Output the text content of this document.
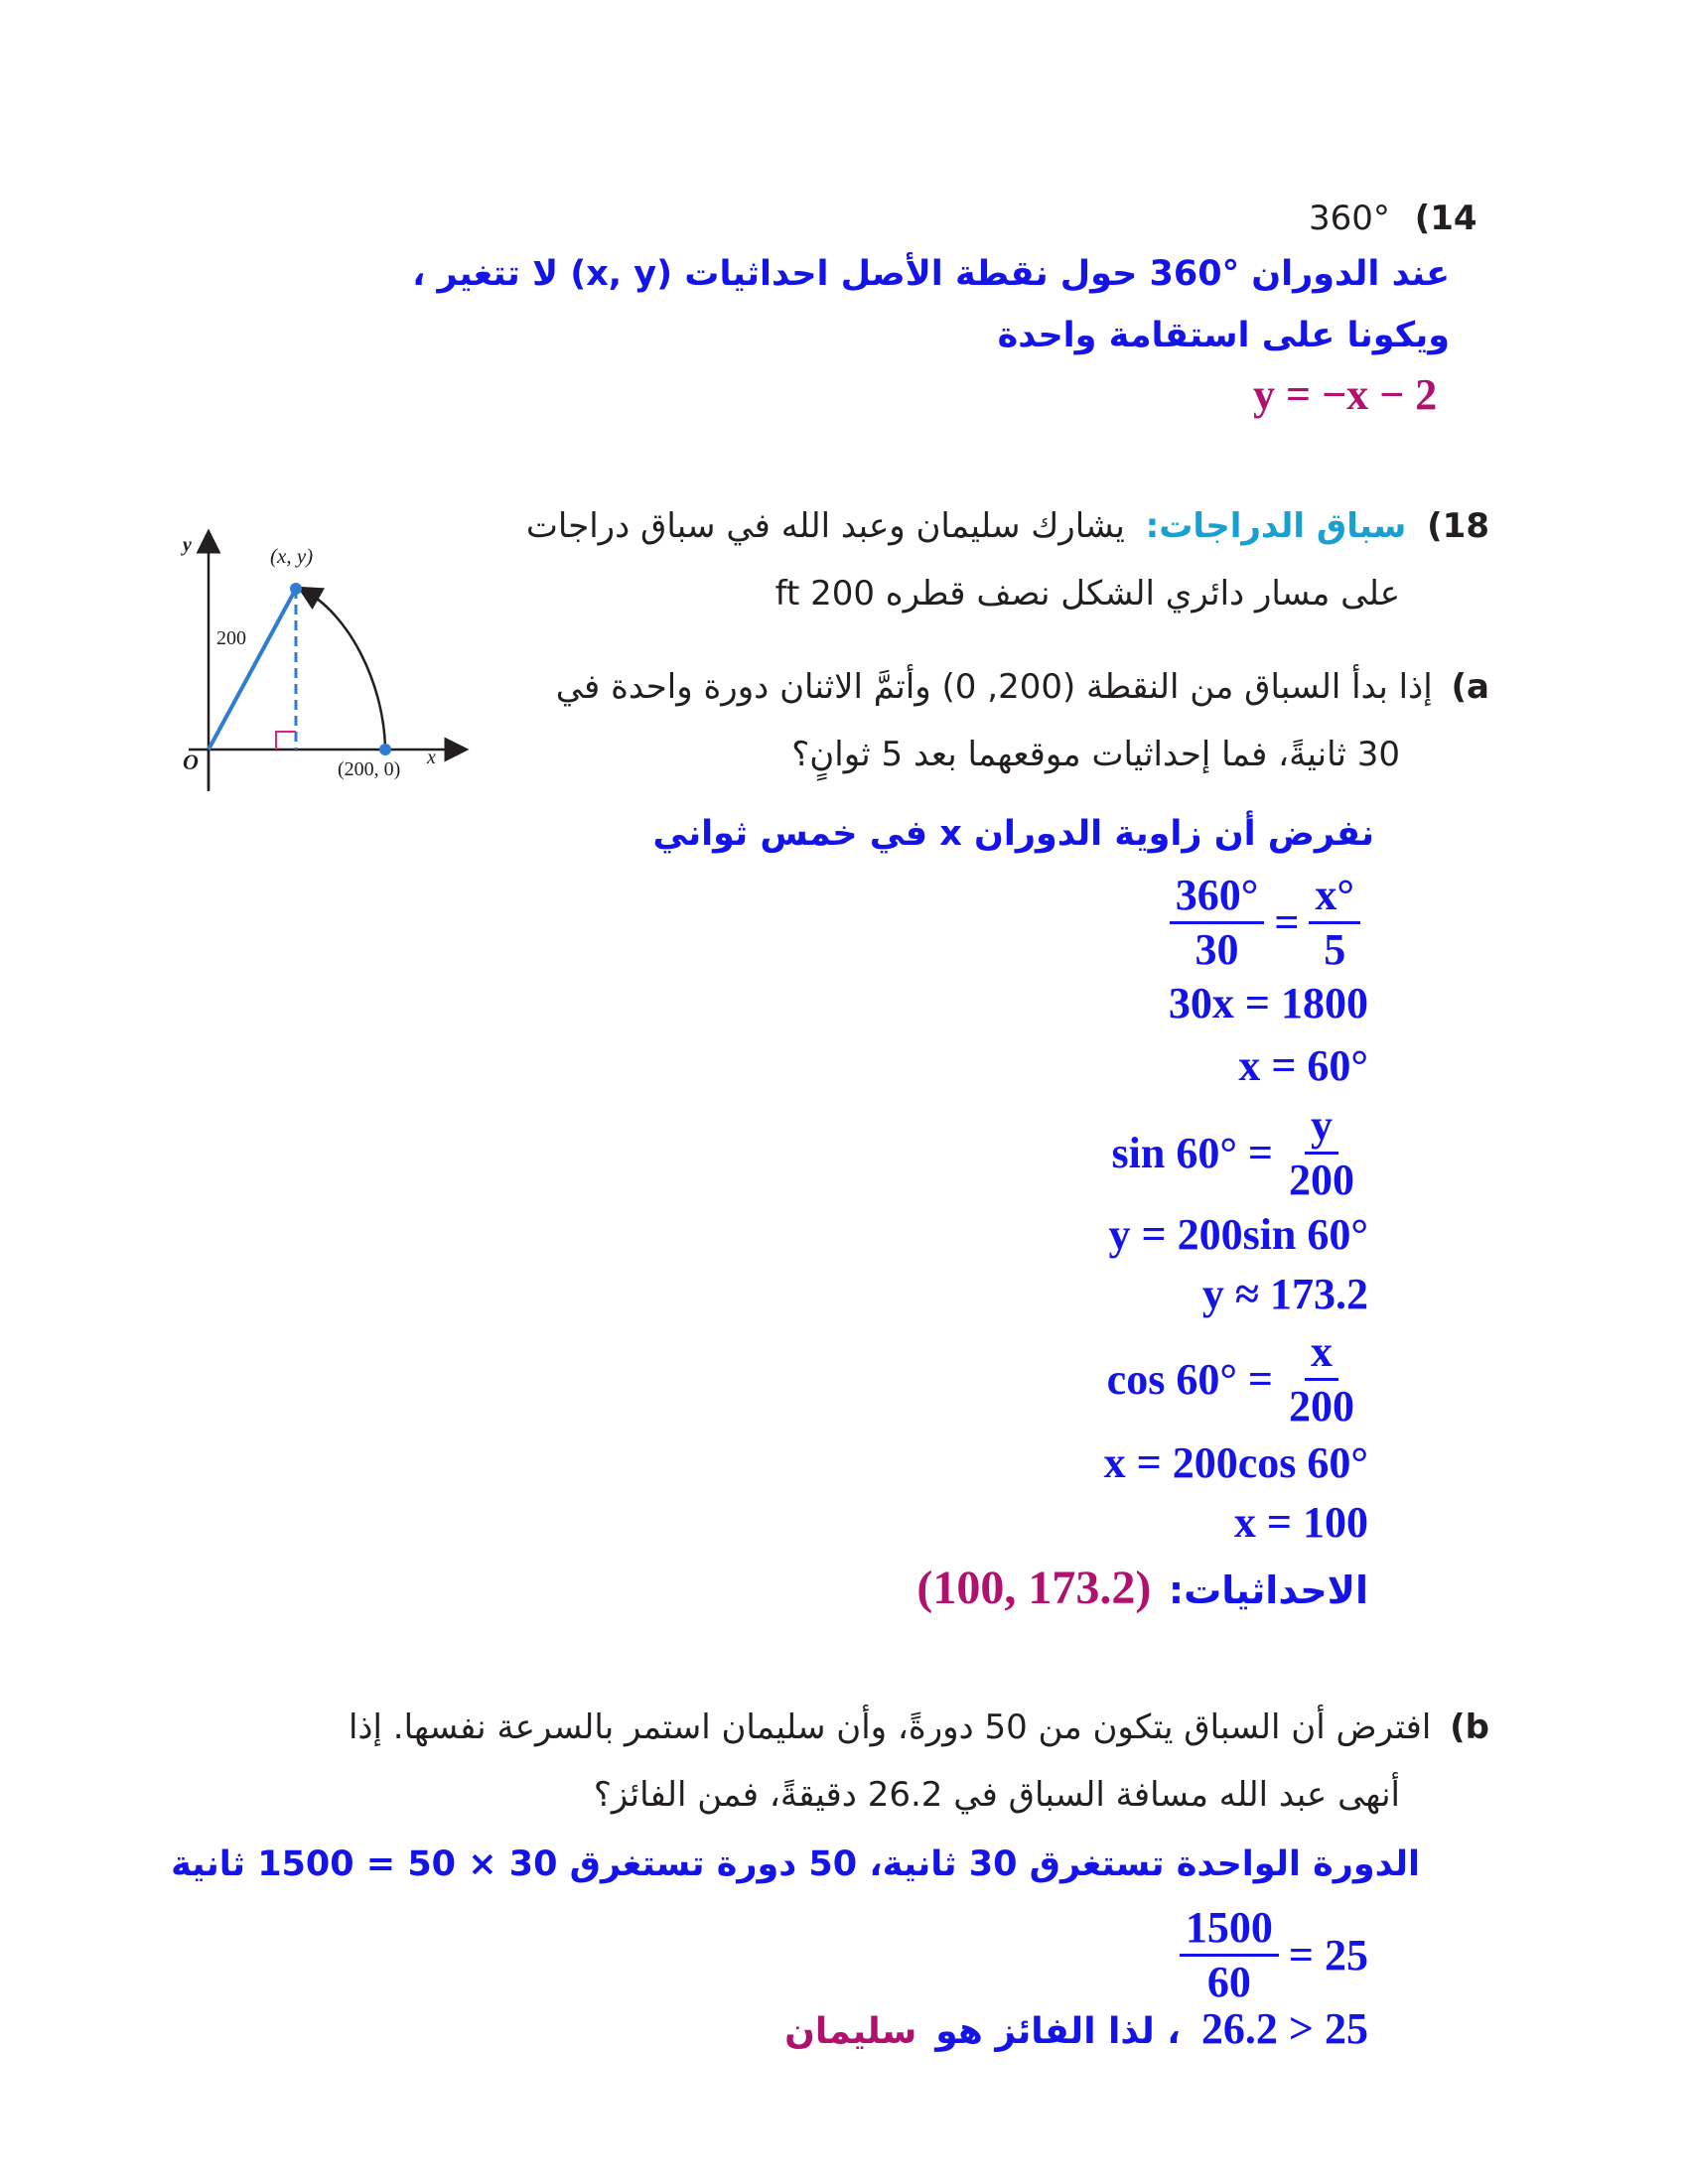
360° (14
عند الدوران °360 حول نقطة الأصل احداثيات (x, y) لا تتغير ،
ويكونا على استقامة واحدة
y = −x − 2
18) سباق الدراجات: يشارك سليمان وعبد الله في سباق دراجات
على مسار دائري الشكل نصف قطره 200 ft
y	(x, y)
200
O	(200, 0)
x
a) إذا بدأ السباق من النقطة (200, 0) وأتمَّ الاثنان دورة واحدة في
30 ثانيةً، فما إحداثيات موقعهما بعد 5 ثوانٍ؟
نفرض أن زاوية الدوران x في خمس ثواني
$\frac{360^\circ}{30} = \frac{x^\circ}{5}$
30x = 1800
x = 60°
$\sin 60^\circ = \frac{y}{200}$
y = 200sin 60°
y ≈ 173.2
$\cos 60^\circ = \frac{x}{200}$
x = 200cos 60°
x = 100
الاحداثيات: (100, 173.2)
b) افترض أن السباق يتكون من 50 دورةً، وأن سليمان استمر بالسرعة نفسها. إذا
أنهى عبد الله مسافة السباق في 26.2 دقيقةً، فمن الفائز؟
الدورة الواحدة تستغرق 30 ثانية، 50 دورة تستغرق 30 × 50 = 1500 ثانية
$\frac{1500}{60} = 25$
26.2 > 25 ، لذا الفائز هو سليمان
